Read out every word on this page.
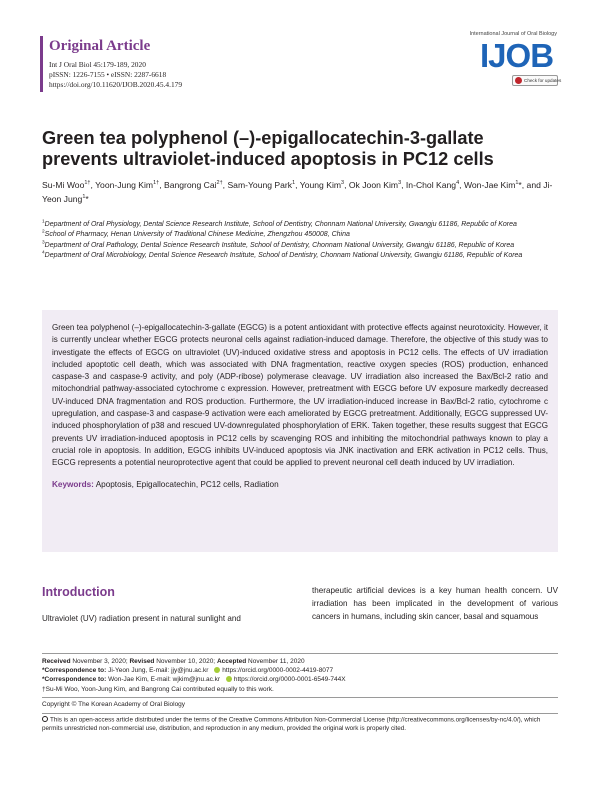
Original Article
Int J Oral Biol 45:179-189, 2020
pISSN: 1226-7155 • eISSN: 2287-6618
https://doi.org/10.11620/IJOB.2020.45.4.179
International Journal of Oral Biology
IJOB
Check for updates
Green tea polyphenol (–)-epigallocatechin-3-gallate prevents ultraviolet-induced apoptosis in PC12 cells
Su-Mi Woo$^{1\dagger}$, Yoon-Jung Kim$^{1\dagger}$, Bangrong Cai$^{2\dagger}$, Sam-Young Park$^1$, Young Kim$^3$, Ok Joon Kim$^3$, In-Chol Kang$^4$, Won-Jae Kim$^1$*, and Ji-Yeon Jung$^1$*
$^1$Department of Oral Physiology, Dental Science Research Institute, School of Dentistry, Chonnam National University, Gwangju 61186, Republic of Korea
$^2$School of Pharmacy, Henan University of Traditional Chinese Medicine, Zhengzhou 450008, China
$^3$Department of Oral Pathology, Dental Science Research Institute, School of Dentistry, Chonnam National University, Gwangju 61186, Republic of Korea
$^4$Department of Oral Microbiology, Dental Science Research Institute, School of Dentistry, Chonnam National University, Gwangju 61186, Republic of Korea

Green tea polyphenol (–)-epigallocatechin-3-gallate (EGCG) is a potent antioxidant with protective effects against neurotoxicity. However, it is currently unclear whether EGCG protects neuronal cells against radiation-induced damage. Therefore, the objective of this study was to investigate the effects of EGCG on ultraviolet (UV)-induced oxidative stress and apoptosis in PC12 cells. The effects of UV irradiation included apoptotic cell death, which was associated with DNA fragmentation, reactive oxygen species (ROS) production, enhanced caspase-3 and caspase-9 activity, and poly (ADP-ribose) polymerase cleavage. UV irradiation also increased the Bax/Bcl-2 ratio and mitochondrial pathway-associated cytochrome c expression. However, pretreatment with EGCG before UV exposure markedly decreased UV-induced DNA fragmentation and ROS production. Furthermore, the UV irradiation-induced increase in Bax/Bcl-2 ratio, cytochrome c upregulation, and caspase-3 and caspase-9 activation were each ameliorated by EGCG pretreatment. Additionally, EGCG suppressed UV-induced phosphorylation of p38 and rescued UV-downregulated phosphorylation of ERK. Taken together, these results suggest that EGCG prevents UV irradiation-induced apoptosis in PC12 cells by scavenging ROS and inhibiting the mitochondrial pathways known to play a crucial role in apoptosis. In addition, EGCG inhibits UV-induced apoptosis via JNK inactivation and ERK activation in PC12 cells. Thus, EGCG represents a potential neuroprotective agent that could be applied to prevent neuronal cell death induced by UV irradiation.

Keywords: Apoptosis, Epigallocatechin, PC12 cells, Radiation
Introduction

Ultraviolet (UV) radiation present in natural sunlight and

therapeutic artificial devices is a key human health concern. UV irradiation has been implicated in the development of various cancers in humans, including skin cancer, basal and squamous

Received November 3, 2020; Revised November 10, 2020; Accepted November 11, 2020
*Correspondence to: Ji-Yeon Jung, E-mail: jjy@jnu.ac.kr https://orcid.org/0000-0002-4419-8077
*Correspondence to: Won-Jae Kim, E-mail: wjkim@jnu.ac.kr https://orcid.org/0000-0001-6549-744X
†Su-Mi Woo, Yoon-Jung Kim, and Bangrong Cai contributed equally to this work.
Copyright © The Korean Academy of Oral Biology
This is an open-access article distributed under the terms of the Creative Commons Attribution Non-Commercial License (http://creativecommons.org/licenses/by-nc/4.0/), which permits unrestricted non-commercial use, distribution, and reproduction in any medium, provided the original work is properly cited.
